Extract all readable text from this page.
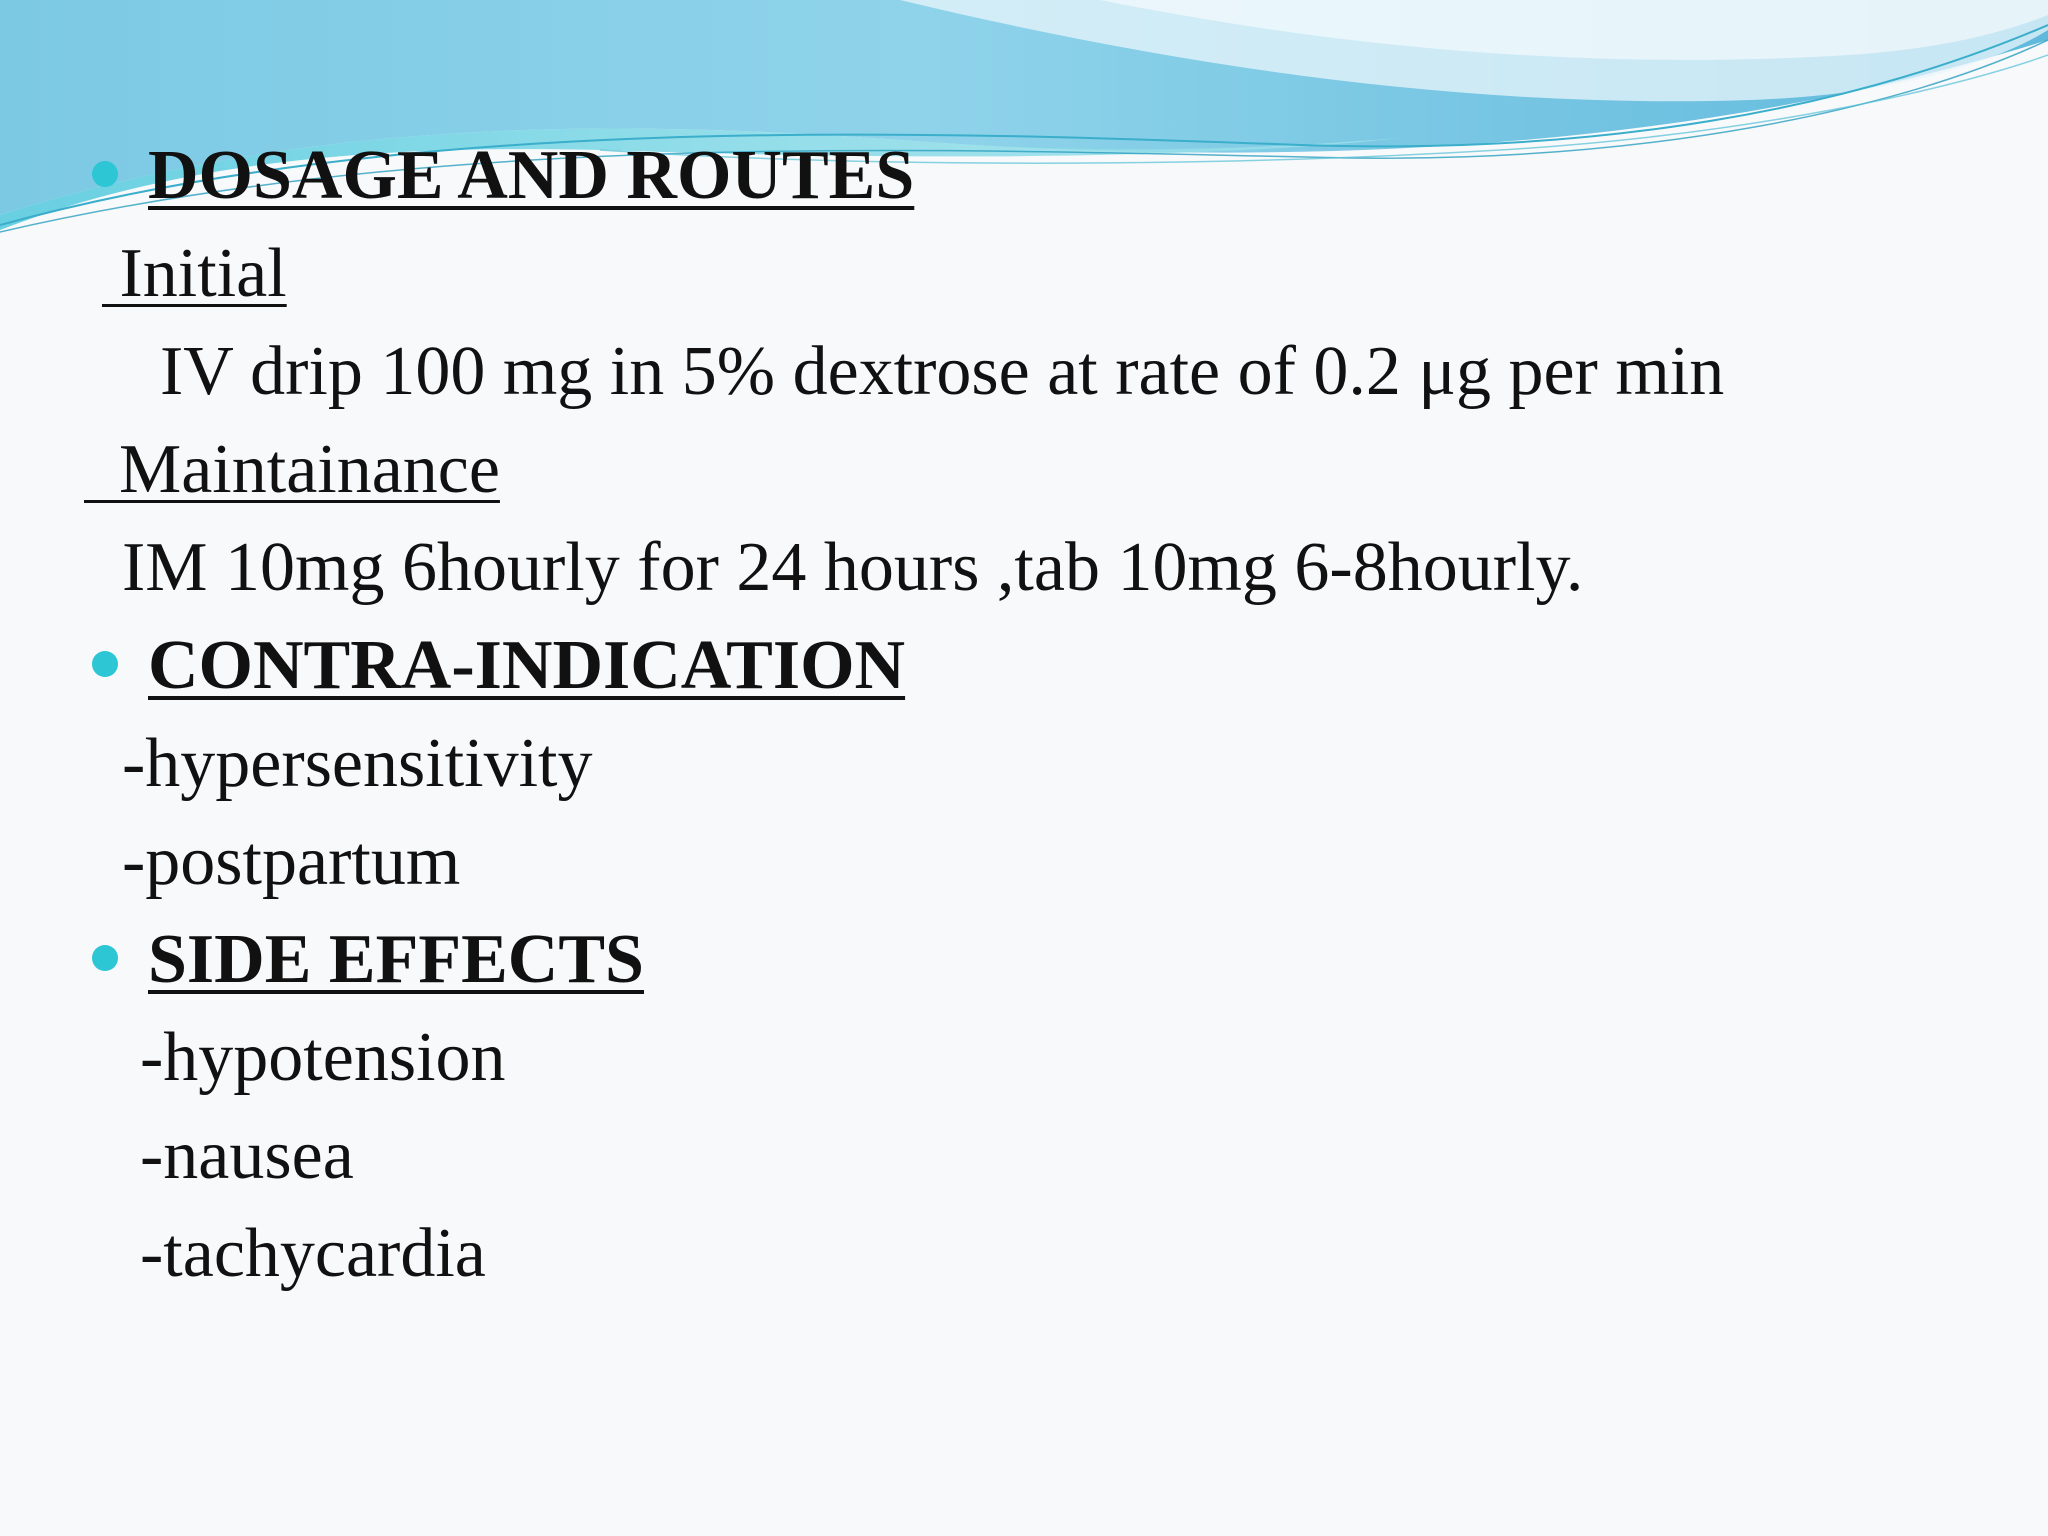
DOSAGE AND ROUTES
Initial
IV drip 100 mg in 5% dextrose at rate of 0.2 μg per min
Maintainance
IM 10mg 6hourly for 24 hours ,tab 10mg 6-8hourly.
CONTRA-INDICATION
-hypersensitivity
-postpartum
SIDE EFFECTS
-hypotension
-nausea
-tachycardia
